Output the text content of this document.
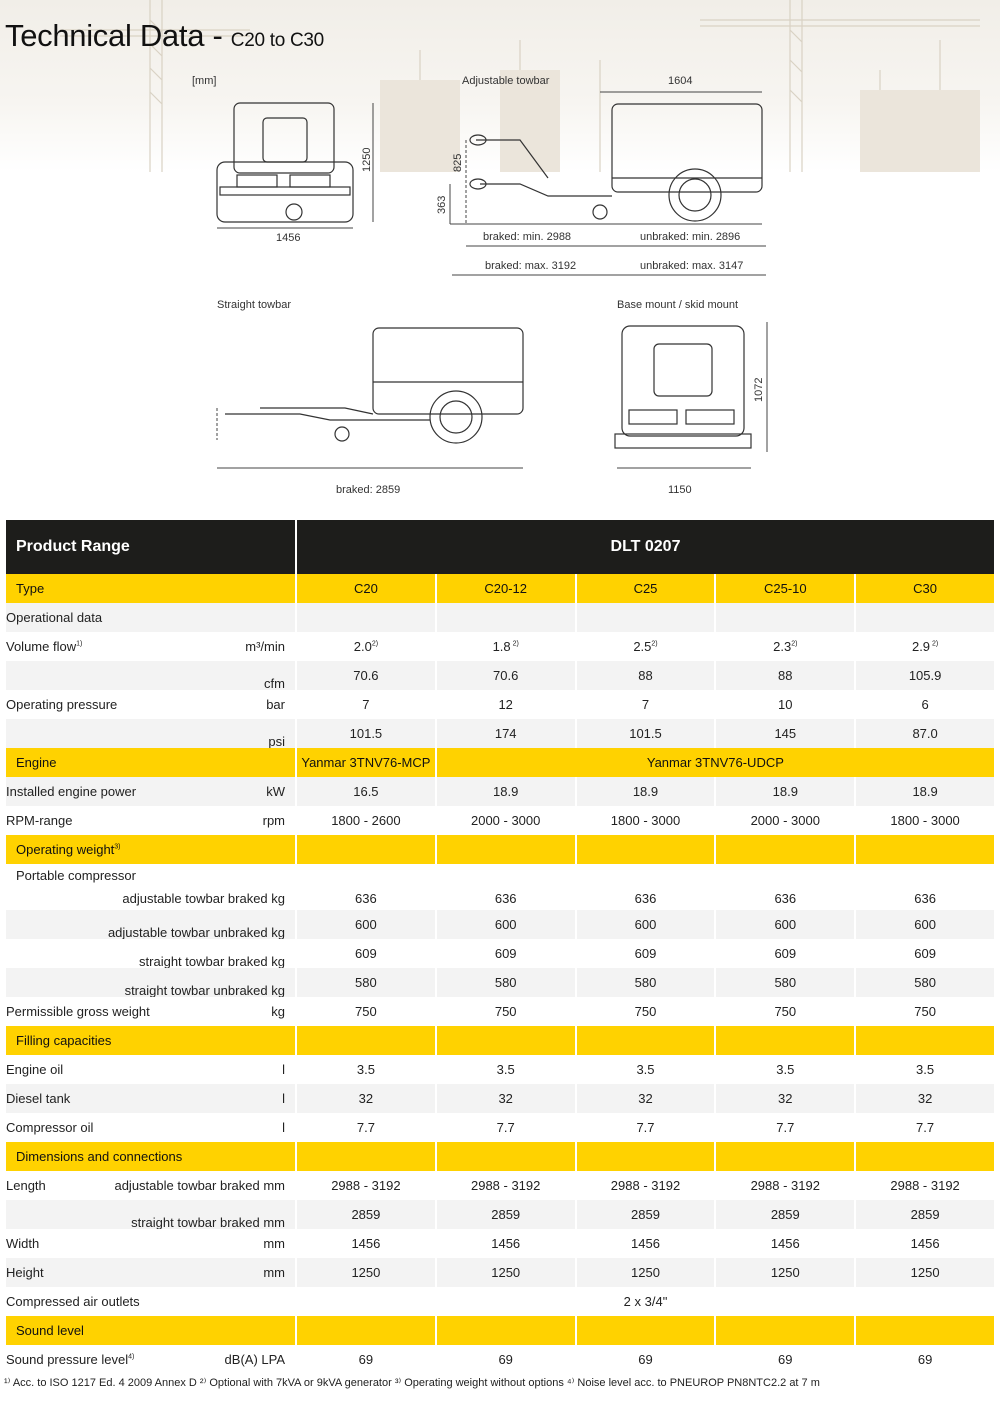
Technical Data - C20 to C30
[mm]	Adjustable towbar
Straight towbar	Base mount / skid mount
1456
1250
1604
825
363
braked: min. 2988	unbraked: min. 2896
braked: max. 3192	unbraked: max. 3147
braked: 2859	1150
1072
Product Range	DLT 0207				
Type	C20	C20-12	C25	C25-10	C30
Operational data					
Volume flow$^{1)}$ m³/min	2.0$^{2)}$	1.8 $^{2)}$	2.5$^{2)}$	2.3$^{2)}$	2.9 $^{2)}$

cfm	70.6	70.6	88	88	105.9
Operating pressure bar	7	12	7	10	6

psi	101.5	174	101.5	145	87.0
Engine	Yanmar 3TNV76-MCP	Yanmar 3TNV76-UDCP			
Installed engine power kW	16.5	18.9	18.9	18.9	18.9
RPM-range rpm	1800 - 2600	2000 - 3000	1800 - 3000	2000 - 3000	1800 - 3000
Operating weight$^{3)}$					

Portable compressor
adjustable towbar braked kg	636	636	636	636	636

adjustable towbar unbraked kg	600	600	600	600	600

straight towbar braked kg	609	609	609	609	609

straight towbar unbraked kg	580	580	580	580	580
Permissible gross weight kg	750	750	750	750	750
Filling capacities					
Engine oil l	3.5	3.5	3.5	3.5	3.5
Diesel tank l	32	32	32	32	32
Compressor oil l	7.7	7.7	7.7	7.7	7.7
Dimensions and connections					
Length adjustable towbar braked mm	2988 - 3192	2988 - 3192	2988 - 3192	2988 - 3192	2988 - 3192

straight towbar braked mm	2859	2859	2859	2859	2859
Width mm	1456	1456	1456	1456	1456
Height mm	1250	1250	1250	1250	1250
Compressed air outlets	2 x 3/4"				
Sound level					
Sound pressure level$^{4)}$ dB(A) LPA	69	69	69	69	69
¹⁾ Acc. to ISO 1217 Ed. 4 2009 Annex D ²⁾ Optional with 7kVA or 9kVA generator ³⁾ Operating weight without options ⁴⁾ Noise level acc. to PNEUROP PN8NTC2.2 at 7 m
